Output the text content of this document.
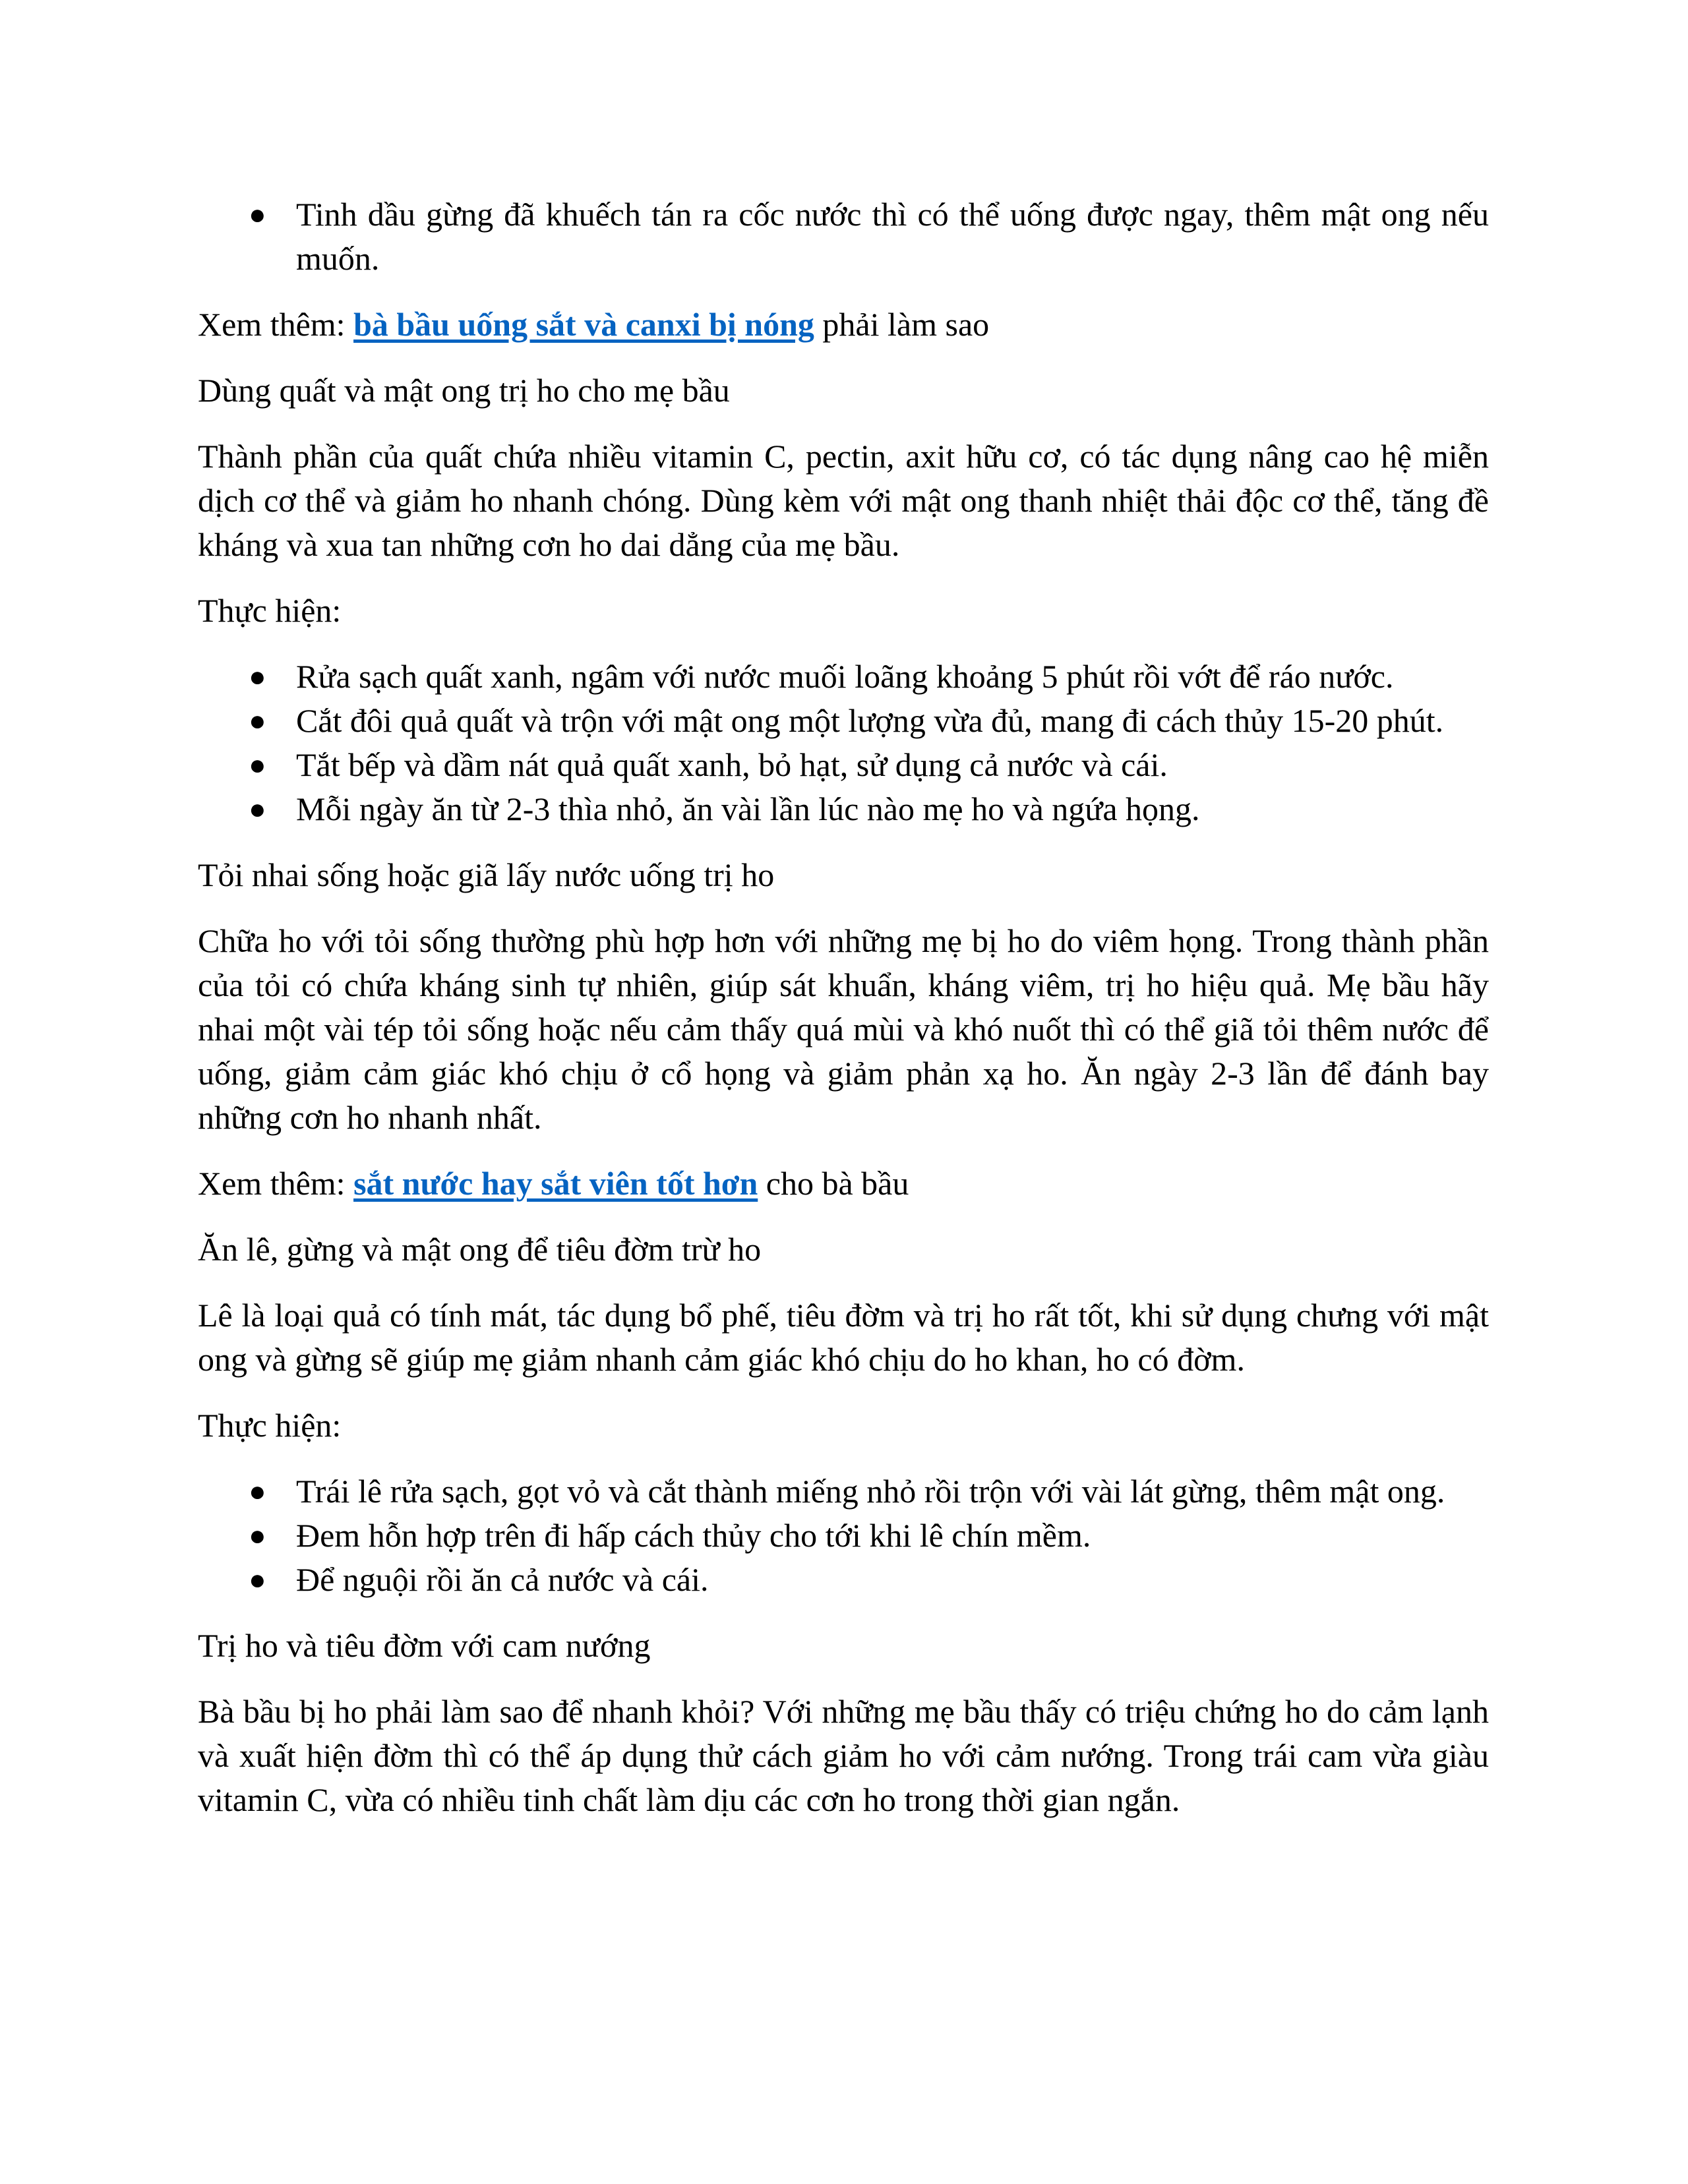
● Tinh dầu gừng đã khuếch tán ra cốc nước thì có thể uống được ngay, thêm mật ong nếu muốn.

Xem thêm: bà bầu uống sắt và canxi bị nóng phải làm sao

Dùng quất và mật ong trị ho cho mẹ bầu

Thành phần của quất chứa nhiều vitamin C, pectin, axit hữu cơ, có tác dụng nâng cao hệ miễn dịch cơ thể và giảm ho nhanh chóng. Dùng kèm với mật ong thanh nhiệt thải độc cơ thể, tăng đề kháng và xua tan những cơn ho dai dẳng của mẹ bầu.

Thực hiện:

● Rửa sạch quất xanh, ngâm với nước muối loãng khoảng 5 phút rồi vớt để ráo nước.
● Cắt đôi quả quất và trộn với mật ong một lượng vừa đủ, mang đi cách thủy 15-20 phút.
● Tắt bếp và dầm nát quả quất xanh, bỏ hạt, sử dụng cả nước và cái.
● Mỗi ngày ăn từ 2-3 thìa nhỏ, ăn vài lần lúc nào mẹ ho và ngứa họng.

Tỏi nhai sống hoặc giã lấy nước uống trị ho

Chữa ho với tỏi sống thường phù hợp hơn với những mẹ bị ho do viêm họng. Trong thành phần của tỏi có chứa kháng sinh tự nhiên, giúp sát khuẩn, kháng viêm, trị ho hiệu quả. Mẹ bầu hãy nhai một vài tép tỏi sống hoặc nếu cảm thấy quá mùi và khó nuốt thì có thể giã tỏi thêm nước để uống, giảm cảm giác khó chịu ở cổ họng và giảm phản xạ ho. Ăn ngày 2-3 lần để đánh bay những cơn ho nhanh nhất.

Xem thêm: sắt nước hay sắt viên tốt hơn cho bà bầu

Ăn lê, gừng và mật ong để tiêu đờm trừ ho

Lê là loại quả có tính mát, tác dụng bổ phế, tiêu đờm và trị ho rất tốt, khi sử dụng chưng với mật ong và gừng sẽ giúp mẹ giảm nhanh cảm giác khó chịu do ho khan, ho có đờm.

Thực hiện:

● Trái lê rửa sạch, gọt vỏ và cắt thành miếng nhỏ rồi trộn với vài lát gừng, thêm mật ong.
● Đem hỗn hợp trên đi hấp cách thủy cho tới khi lê chín mềm.
● Để nguội rồi ăn cả nước và cái.

Trị ho và tiêu đờm với cam nướng

Bà bầu bị ho phải làm sao để nhanh khỏi? Với những mẹ bầu thấy có triệu chứng ho do cảm lạnh và xuất hiện đờm thì có thể áp dụng thử cách giảm ho với cảm nướng. Trong trái cam vừa giàu vitamin C, vừa có nhiều tinh chất làm dịu các cơn ho trong thời gian ngắn.
